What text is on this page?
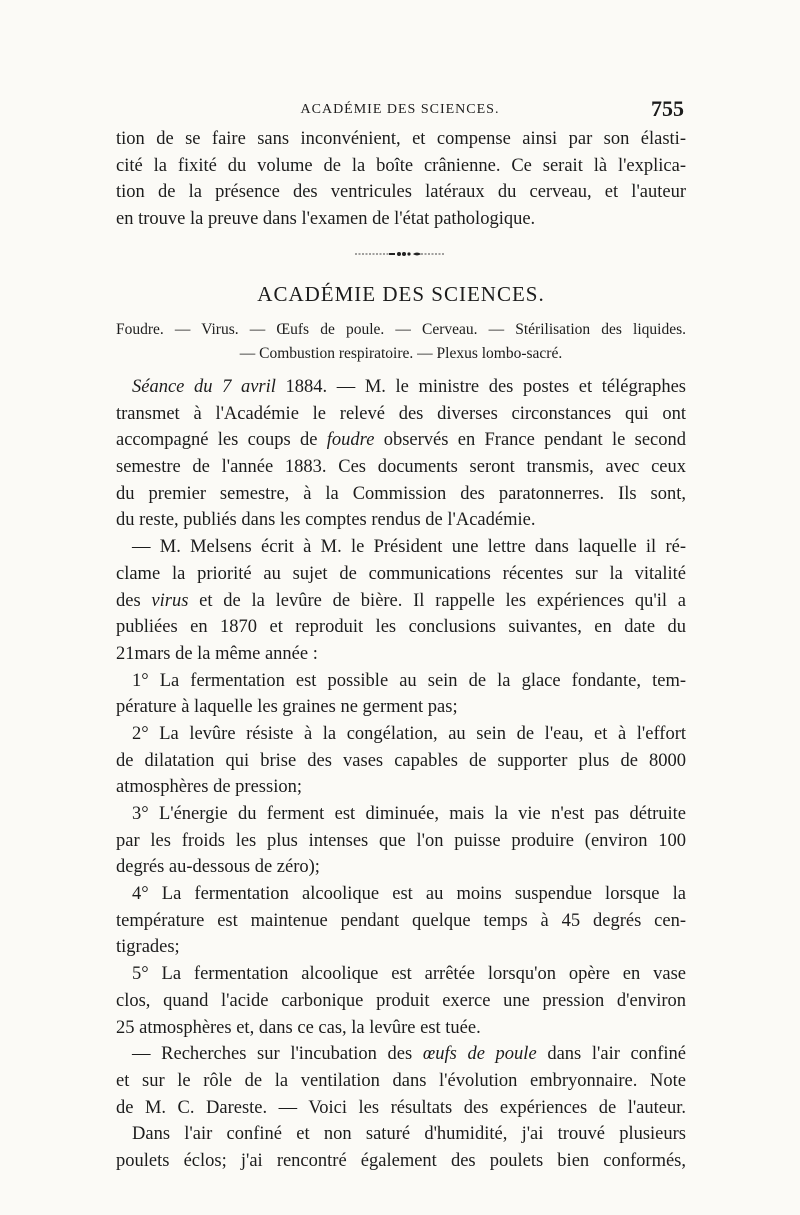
ACADÉMIE DES SCIENCES.	755
tion de se faire sans inconvénient, et compense ainsi par son élasti-
cité la fixité du volume de la boîte crânienne. Ce serait là l'explica-
tion de la présence des ventricules latéraux du cerveau, et l'auteur
en trouve la preuve dans l'examen de l'état pathologique.
ACADÉMIE DES SCIENCES.
Foudre. — Virus. — Œufs de poule. — Cerveau. — Stérilisation des liquides.
— Combustion respiratoire. — Plexus lombo-sacré.
Séance du 7 avril 1884. — M. le ministre des postes et télégraphes
transmet à l'Académie le relevé des diverses circonstances qui ont
accompagné les coups de foudre observés en France pendant le second
semestre de l'année 1883. Ces documents seront transmis, avec ceux
du premier semestre, à la Commission des paratonnerres. Ils sont,
du reste, publiés dans les comptes rendus de l'Académie.
— M. Melsens écrit à M. le Président une lettre dans laquelle il ré-
clame la priorité au sujet de communications récentes sur la vitalité
des virus et de la levûre de bière. Il rappelle les expériences qu'il a
publiées en 1870 et reproduit les conclusions suivantes, en date du
21mars de la même année :
1° La fermentation est possible au sein de la glace fondante, tem-
pérature à laquelle les graines ne germent pas;
2° La levûre résiste à la congélation, au sein de l'eau, et à l'effort
de dilatation qui brise des vases capables de supporter plus de 8000
atmosphères de pression;
3° L'énergie du ferment est diminuée, mais la vie n'est pas détruite
par les froids les plus intenses que l'on puisse produire (environ 100
degrés au-dessous de zéro);
4° La fermentation alcoolique est au moins suspendue lorsque la
température est maintenue pendant quelque temps à 45 degrés cen-
tigrades;
5° La fermentation alcoolique est arrêtée lorsqu'on opère en vase
clos, quand l'acide carbonique produit exerce une pression d'environ
25 atmosphères et, dans ce cas, la levûre est tuée.
— Recherches sur l'incubation des œufs de poule dans l'air confiné
et sur le rôle de la ventilation dans l'évolution embryonnaire. Note
de M. C. Dareste. — Voici les résultats des expériences de l'auteur.
Dans l'air confiné et non saturé d'humidité, j'ai trouvé plusieurs
poulets éclos; j'ai rencontré également des poulets bien conformés,
